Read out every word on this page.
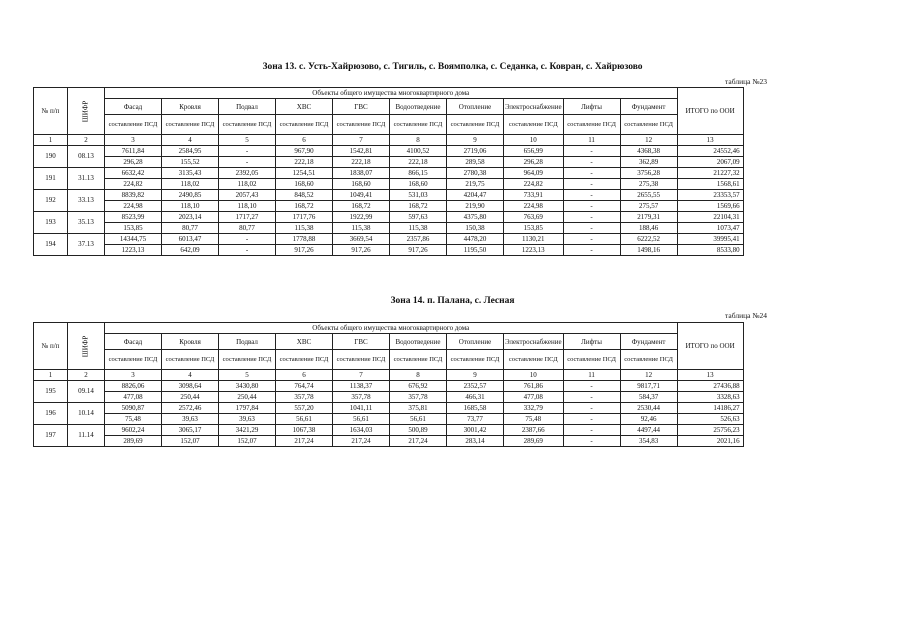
Зона 13. с. Усть-Хайрюзово, с. Тигиль, с. Воямполка, с. Седанка, с. Ковран, с. Хайрюзово
таблица №23
№ п/п	ШИФР	Объекты общего имущества многоквартирного дома										ИТОГО по ООИ
		Фасад	Кровля	Подвал	ХВС	ГВС	Водоотведение	Отопление	Электроснабжение	Лифты	Фундамент	
		составление ПСД	составление ПСД	составление ПСД	составление ПСД	составление ПСД	составление ПСД	составление ПСД	составление ПСД	составление ПСД	составление ПСД	
1	2	3	4	5	6	7	8	9	10	11	12	13
190	08.13	7611,84	2584,95	-	967,90	1542,81	4100,52	2719,06	656,99	-	4368,38	24552,46
		296,28	155,52	-	222,18	222,18	222,18	289,58	296,28	-	362,89	2067,09
191	31.13	6632,42	3135,43	2392,05	1254,51	1838,07	866,15	2780,38	964,09	-	3756,28	21227,32
		224,82	118,02	118,02	168,60	168,60	168,60	219,75	224,82	-	275,38	1568,61
192	33.13	8839,82	2490,85	2057,43	848,52	1049,41	531,03	4204,47	733,91	-	2655,55	23353,57
		224,98	118,10	118,10	168,72	168,72	168,72	219,90	224,98	-	275,57	1569,66
193	35.13	8523,99	2023,14	1717,27	1717,76	1922,99	597,63	4375,80	763,69	-	2179,31	22104,31
		153,85	80,77	80,77	115,38	115,38	115,38	150,38	153,85	-	188,46	1073,47
194	37.13	14344,75	6013,47	-	1778,88	3669,54	2357,86	4478,20	1130,21	-	6222,52	39995,41
		1223,13	642,09	-	917,26	917,26	917,26	1195,50	1223,13	-	1498,16	8533,80
Зона 14. п. Палана, с. Лесная
таблица №24
№ п/п	ШИФР	Объекты общего имущества многоквартирного дома										ИТОГО по ООИ
		Фасад	Кровля	Подвал	ХВС	ГВС	Водоотведение	Отопление	Электроснабжение	Лифты	Фундамент	
		составление ПСД	составление ПСД	составление ПСД	составление ПСД	составление ПСД	составление ПСД	составление ПСД	составление ПСД	составление ПСД	составление ПСД	
1	2	3	4	5	6	7	8	9	10	11	12	13
195	09.14	8826,06	3098,64	3430,80	764,74	1138,37	676,92	2352,57	761,86	-	9817,71	27436,88
		477,08	250,44	250,44	357,78	357,78	357,78	466,31	477,08	-	584,37	3328,63
196	10.14	5090,87	2572,46	1797,84	557,20	1041,11	375,81	1685,58	332,79	-	2530,44	14186,27
		75,48	39,63	39,63	56,61	56,61	56,61	73,77	75,48	-	92,46	526,63
197	11.14	9602,24	3065,17	3421,29	1067,38	1634,03	500,89	3001,42	2387,66	-	4497,44	25756,23
		289,69	152,07	152,07	217,24	217,24	217,24	283,14	289,69	-	354,83	2021,16
